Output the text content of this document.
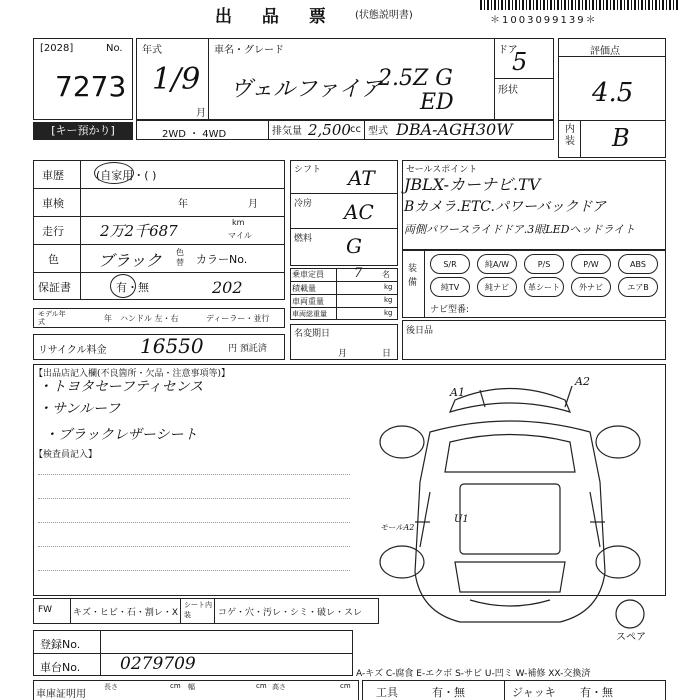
出 品 票 (状態説明書)	＊1003099139＊
[2028]	No.
7273
[キー預かり]
年式
1/9
月
車名・グレード
ヴェルファイア
2.5Z G
ED
ドア
5
形状
評価点
4.5
内装 B
2WD ・ 4WD	排気量 2,500 cc 型式 DBA-AGH30W
車歴	(自家用・( )
車検	年	月
走行 2万2千687	km
マイル
色 ブラック 色替 カラーNo.
保証書	有・無	202
モデル年式	年 ハンドル 左・右	ディーラー・並行
リサイクル料金 16550	円 預託済
シフト AT
冷房 AC
燃料 G
乗車定員 7 名
積載量	kg
車両重量	kg
車両総重量	kg
名変期日
月	日
セールスポイント
JBLX-カーナビ.TV
Bカメラ.ETC.パワーバックドア
両側パワースライドドア.3眼LEDヘッドライト
装備
S/R	純A/W	P/S	P/W	ABS
純TV	純ナビ	革シート	外ナビ	エアB
ナビ型番:
後日品
【出品店記入欄(不良箇所・欠品・注意事項等)】
・トヨタセーフティセンス
・サンルーフ
・ブラックレザーシート
【検査員記入】
A1
A2
U1
モールA2
スペア
FW キズ・ヒビ・石・割レ・X
シート内装	コゲ・穴・汚レ・シミ・破レ・スレ
登録No.
車台No. 0279709	A-キズ C-腐食 E-エクボ S-サビ U-凹ミ W-補修 XX-交換済
車庫証明用
長さ	cm 幅	cm 高さ	cm 工具	有・無	ジャッキ 有・無
